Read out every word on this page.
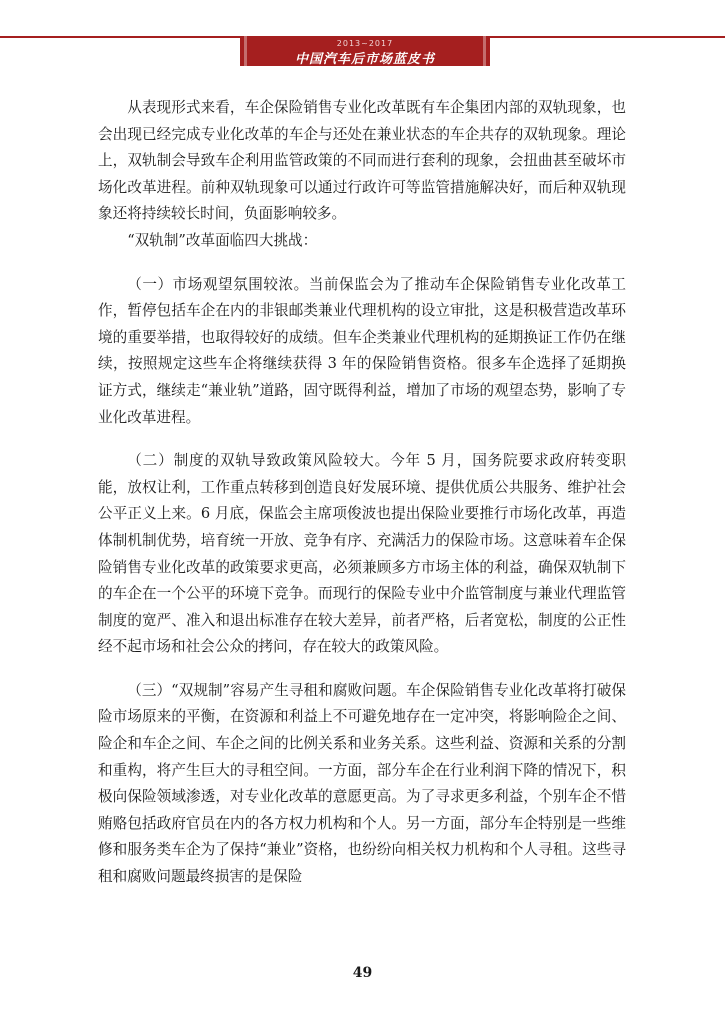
2013~2017
中国汽车后市场蓝皮书

从表现形式来看，车企保险销售专业化改革既有车企集团内部的双轨现象，也会出现已经完成专业化改革的车企与还处在兼业状态的车企共存的双轨现象。理论上，双轨制会导致车企利用监管政策的不同而进行套利的现象，会扭曲甚至破坏市场化改革进程。前种双轨现象可以通过行政许可等监管措施解决好，而后种双轨现象还将持续较长时间，负面影响较多。

“双轨制”改革面临四大挑战：

（一）市场观望氛围较浓。当前保监会为了推动车企保险销售专业化改革工作，暂停包括车企在内的非银邮类兼业代理机构的设立审批，这是积极营造改革环境的重要举措，也取得较好的成绩。但车企类兼业代理机构的延期换证工作仍在继续，按照规定这些车企将继续获得 3 年的保险销售资格。很多车企选择了延期换证方式，继续走“兼业轨”道路，固守既得利益，增加了市场的观望态势，影响了专业化改革进程。

（二）制度的双轨导致政策风险较大。今年 5 月，国务院要求政府转变职能，放权让利，工作重点转移到创造良好发展环境、提供优质公共服务、维护社会公平正义上来。6 月底，保监会主席项俊波也提出保险业要推行市场化改革，再造体制机制优势，培育统一开放、竞争有序、充满活力的保险市场。这意味着车企保险销售专业化改革的政策要求更高，必须兼顾多方市场主体的利益，确保双轨制下的车企在一个公平的环境下竞争。而现行的保险专业中介监管制度与兼业代理监管制度的宽严、准入和退出标准存在较大差异，前者严格，后者宽松，制度的公正性经不起市场和社会公众的拷问，存在较大的政策风险。

（三）“双规制”容易产生寻租和腐败问题。车企保险销售专业化改革将打破保险市场原来的平衡，在资源和利益上不可避免地存在一定冲突，将影响险企之间、险企和车企之间、车企之间的比例关系和业务关系。这些利益、资源和关系的分割和重构，将产生巨大的寻租空间。一方面，部分车企在行业利润下降的情况下，积极向保险领域渗透，对专业化改革的意愿更高。为了寻求更多利益，个别车企不惜贿赂包括政府官员在内的各方权力机构和个人。另一方面，部分车企特别是一些维修和服务类车企为了保持“兼业”资格，也纷纷向相关权力机构和个人寻租。这些寻租和腐败问题最终损害的是保险

49
